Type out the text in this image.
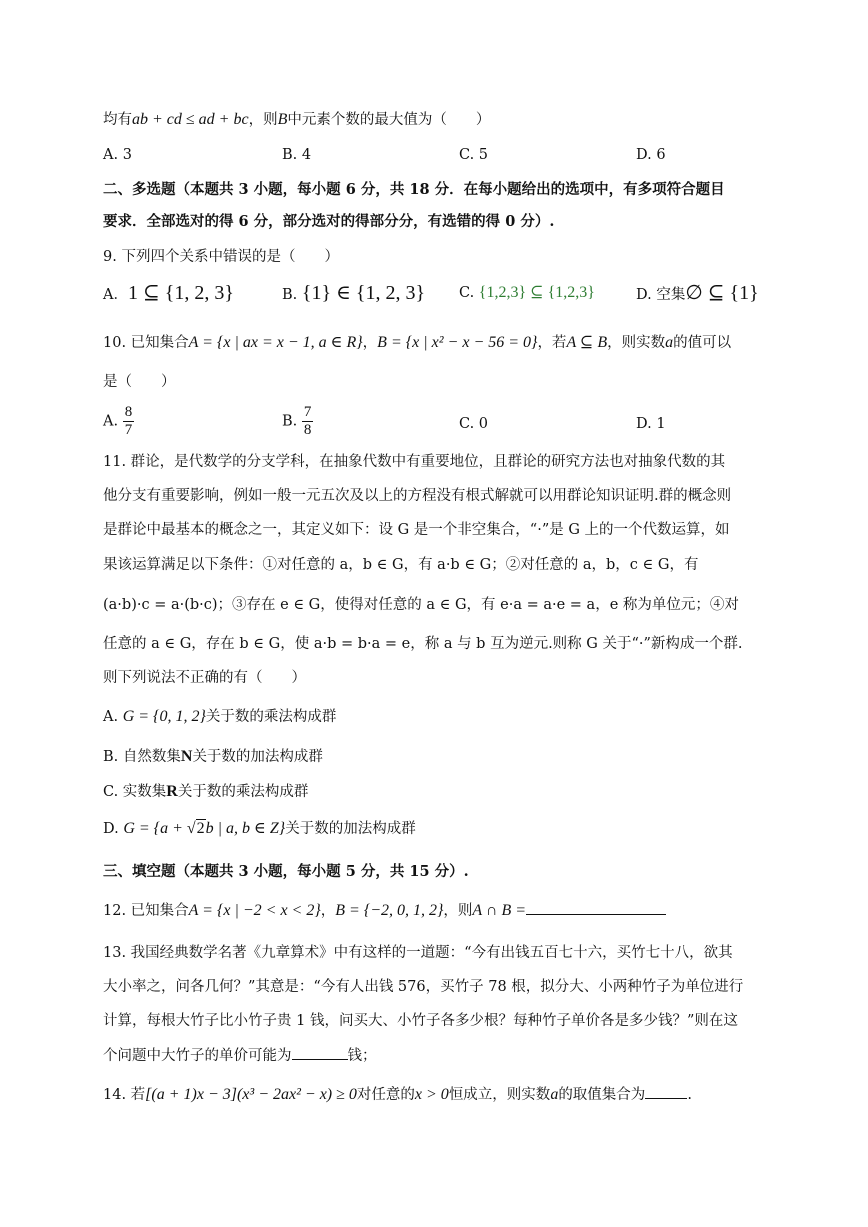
均有ab + cd ≤ ad + bc，则B中元素个数的最大值为（　　）
A. 3	B. 4	C. 5	D. 6
二、多选题（本题共 3 小题，每小题 6 分，共 18 分．在每小题给出的选项中，有多项符合题目
要求．全部选对的得 6 分，部分选对的得部分分，有选错的得 0 分）.
9. 下列四个关系中错误的是（　　）
A．1 ⊆ {1, 2, 3}	B. {1} ∈ {1, 2, 3} C. {1,2,3} ⊆ {1,2,3}	D. 空集∅ ⊆ {1}
10. 已知集合A = {x | ax = x − 1, a ∈ R}，B = {x | x² − x − 56 = 0}，若A ⊆ B，则实数a的值可以
是（　　）
A. $\frac{8}{7}$	B. $\frac{7}{8}$	C. 0	D. 1
11. 群论，是代数学的分支学科，在抽象代数中有重要地位，且群论的研究方法也对抽象代数的其
他分支有重要影响，例如一般一元五次及以上的方程没有根式解就可以用群论知识证明.群的概念则
是群论中最基本的概念之一，其定义如下：设 G 是一个非空集合，“·”是 G 上的一个代数运算，如
果该运算满足以下条件：①对任意的 a，b ∈ G，有 a·b ∈ G；②对任意的 a，b，c ∈ G，有
(a·b)·c = a·(b·c)；③存在 e ∈ G，使得对任意的 a ∈ G，有 e·a = a·e = a，e 称为单位元；④对
任意的 a ∈ G，存在 b ∈ G，使 a·b = b·a = e，称 a 与 b 互为逆元.则称 G 关于“·”新构成一个群.
则下列说法不正确的有（　　）
A. G = {0, 1, 2}关于数的乘法构成群
B. 自然数集N关于数的加法构成群
C. 实数集R关于数的乘法构成群
D. G = {a + √2b | a, b ∈ Z}关于数的加法构成群
三、填空题（本题共 3 小题，每小题 5 分，共 15 分）.
12. 已知集合A = {x | −2 < x < 2}，B = {−2, 0, 1, 2}，则A ∩ B =
13. 我国经典数学名著《九章算术》中有这样的一道题：“今有出钱五百七十六，买竹七十八，欲其
大小率之，问各几何？”其意是：“今有人出钱 576，买竹子 78 根，拟分大、小两种竹子为单位进行
计算，每根大竹子比小竹子贵 1 钱，问买大、小竹子各多少根？每种竹子单价各是多少钱？”则在这
个问题中大竹子的单价可能为	钱；
14. 若[(a + 1)x − 3](x³ − 2ax² − x) ≥ 0对任意的x > 0恒成立，则实数a的取值集合为	.
